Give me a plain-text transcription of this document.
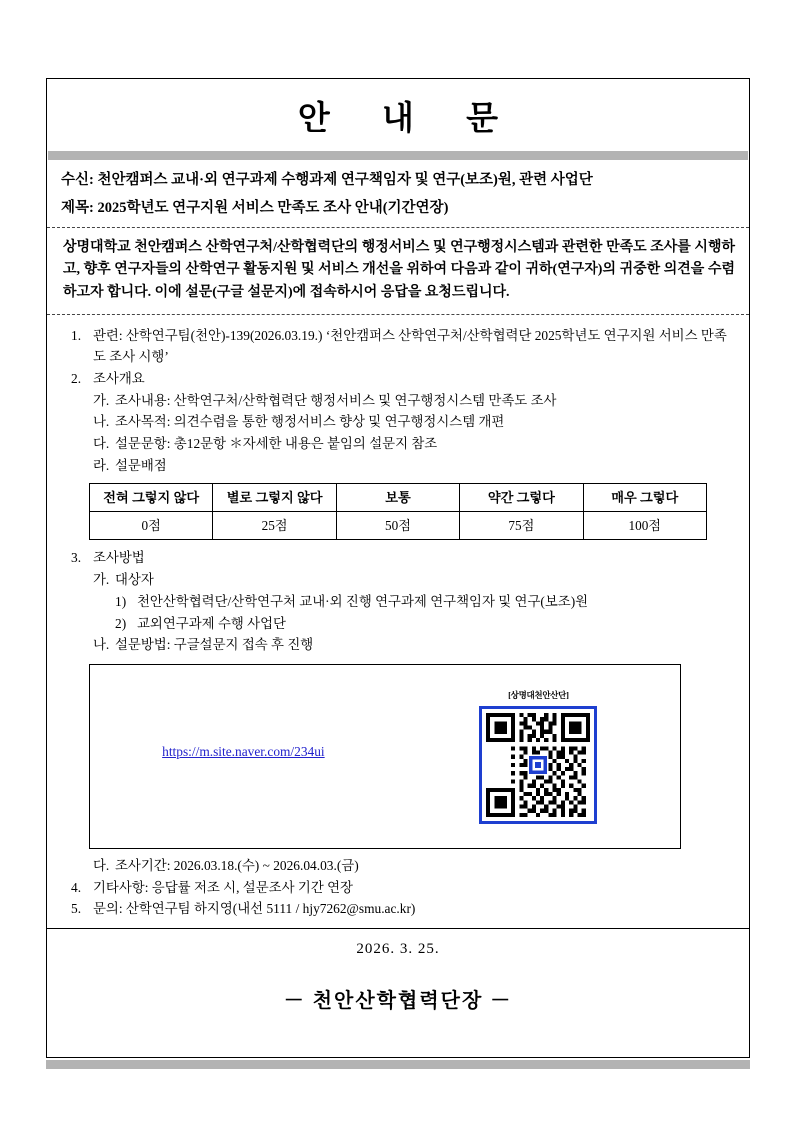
안 내 문
수신: 천안캠퍼스 교내·외 연구과제 수행과제 연구책임자 및 연구(보조)원, 관련 사업단
제목: 2025학년도 연구지원 서비스 만족도 조사 안내(기간연장)
상명대학교 천안캠퍼스 산학연구처/산학협력단의 행정서비스 및 연구행정시스템과 관련한 만족도 조사를 시행하고, 향후 연구자들의 산학연구 활동지원 및 서비스 개선을 위하여 다음과 같이 귀하(연구자)의 귀중한 의견을 수렴하고자 합니다. 이에 설문(구글 설문지)에 접속하시어 응답을 요청드립니다.
1. 관련: 산학연구팀(천안)-139(2026.03.19.) ‘천안캠퍼스 산학연구처/산학협력단 2025학년도 연구지원 서비스 만족도 조사 시행’
2. 조사개요
가. 조사내용: 산학연구처/산학협력단 행정서비스 및 연구행정시스템 만족도 조사
나. 조사목적: 의견수렴을 통한 행정서비스 향상 및 연구행정시스템 개편
다. 설문문항: 총12문항 ＊자세한 내용은 붙임의 설문지 참조
라. 설문배점
전혀 그렇지 않다	별로 그렇지 않다	보통	약간 그렇다	매우 그렇다
0점	25점	50점	75점	100점
3. 조사방법
가. 대상자
1) 천안산학협력단/산학연구처 교내·외 진행 연구과제 연구책임자 및 연구(보조)원
2) 교외연구과제 수행 사업단
나. 설문방법: 구글설문지 접속 후 진행
https://m.site.naver.com/234ui
[상명대천안산단]
다. 조사기간: 2026.03.18.(수) ~ 2026.04.03.(금)
4. 기타사항: 응답률 저조 시, 설문조사 기간 연장
5. 문의: 산학연구팀 하지영(내선 5111 / hjy7262@smu.ac.kr)
2026. 3. 25.
－ 천안산학협력단장 －
